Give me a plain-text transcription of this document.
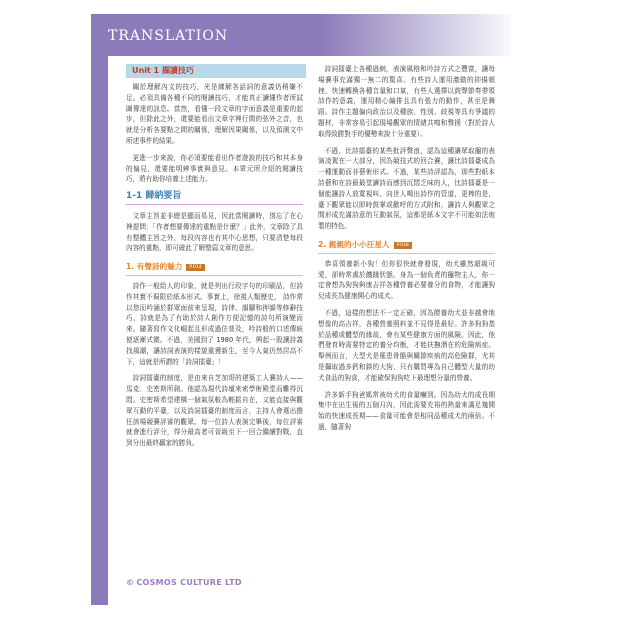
TRANSLATION
Unit 1 擷讀技巧

關於理解內文的技巧，光是練解各話詞的意義仍稍嫌不足。必須具備各種不同的閱讀技巧，才能真正讀懂作者所試圖傳達的訊息。當然，看懂一段文章的字面意義是重要的起步，但除此之外，還要能看出文章字裡行間的弦外之音，也就是分析各要點之間的關係，理解因果關係，以及預測文中所述事件的結果。

更進一步來說，你必須要能看出作者遊說的技巧和其本身的偏見，還要能明辨事實與意見。本單元所介紹的閱讀技巧，將有助你培養上述能力。

1-1 歸納要旨

文章主旨並非總是顯而易見，因此當閱讀時，別忘了在心裡提問：「作者想要傳達的重點是什麼？」此外，文章除了具有整體主旨之外，每段內容也有其中心思想，只要清楚每段內容的重點，即可確此了解整篇文章的意思。

1. 有聲詩的魅力	P.014

詩作一般給人的印象，就是列出行段字句的印刷品，但詩作其實不侷限於紙本形式。事實上，徐視人類歷史， 詩作常以您而吟誦於群眾面前來呈現，詩律、韻腳和押韻等修辭技巧，詩就是為了有助於詩人創作方便記憶的詩句所演變而來。隨著寫作文化崛起且形成過估普及，吟詩般的口述傳統便逐漸式微。不過，美國到了 1980 年代，興起一股讓詩義找風潮，讓詩詞表演的樣貌重獲新生，至今人氣仍然居高不下，這就是所謂的「詩詞擂臺」！

詩詞擂臺的制度，是由來自芝加哥的建築工人賽詩人——馬克．史密斯所創。他認為現代詩壇來索學術殿堂而難得沉悶。史密斯希望建構一個氣氛較為輕鬆自在，又能直接與觀眾互動的平臺，以及詩詞擂臺的制度而言，主持人會選出擔任該場競賽評審的觀眾。每一位詩人表演完畢後，每位評審就會進行評分，得分最高者可晉級至下一回合繼續對戰，直到分出最終贏家的勝負。

詩詞擂臺上各種過網，表演風格和吟詩方式之豐富，讓每場賽事充滿獨一無二的驚喜。有些詩人運用激動的抑揚頓挫、快速轉換各種音量和口氣，有些人選擇以鼓聲節奏帶領詩作的意義，運用精心編排且具有張力的動作，甚至是舞蹈。詩作主題偏向政治以及種族、性別、歧視等具有爭議的題材，非常容易引起現場觀眾的情緒共鳴和聲援（對於詩人取得致勝對手的優勢來說十分重要）。

不過，比詩擂臺的某些批評聲浪，認為這種讓眾取寵的表演凌駕在一大部分，因為競技式的回合賽，讓比詩擂臺成為一種運動而非藝術形式。不過，某些詩評認為，那些對紙本詩藝和在詩最最堂讀詩而感到沉悶乏味的人，比詩擂臺是一個能讓詩人放寬視叫、向世人喝出詩作的管道，更棒的是，臺下觀眾能以即時鼓掌或歡呼的方式附和，讓詩人與觀眾之間形成充滿詩意的互動氣氛，這都是紙本文字不可能如法炮製的特色。

2. 親親的小小汪星人	P.018

恭喜領養新小狗！但你很快就會發現，幼犬雖然超級可愛，卻時常處於饑餓狀態。身為一個負責的寵物主人，你一定會想為狗狗與康吉祥各種營養必要養分的食物，才能讓狗兒成長為健康開心的成犬。

不過，這樣的想法不一定正確，因為餵養幼犬並非越會地想像的高吉祥，各種營養照料並不見得是最好。許多狗狗基於品種或體型的緣故，會有某些健康方面的風險。因此，他們發育時需要特定的養分均衡，才能扶撫潛在的危險病症。舉例而言，大型犬是罹患骨骼與關節疾病的高危險群，尤其是攝取過多鈣和鎂的大狗，只有購買專為自己體型大量的幼犬食品的狗食，才能確保狗狗吃下最理想分量的營養。

許多新手狗爸媽常被幼犬的食量嚇到。因為幼犬的成長期集中在出生後的五個月內，因此需要充裕的熱量來滿足幾開始的快速成長期——食量可能會是相同品種成犬的兩倍。不過，隨著狗

© COSMOS CULTURE LTD
